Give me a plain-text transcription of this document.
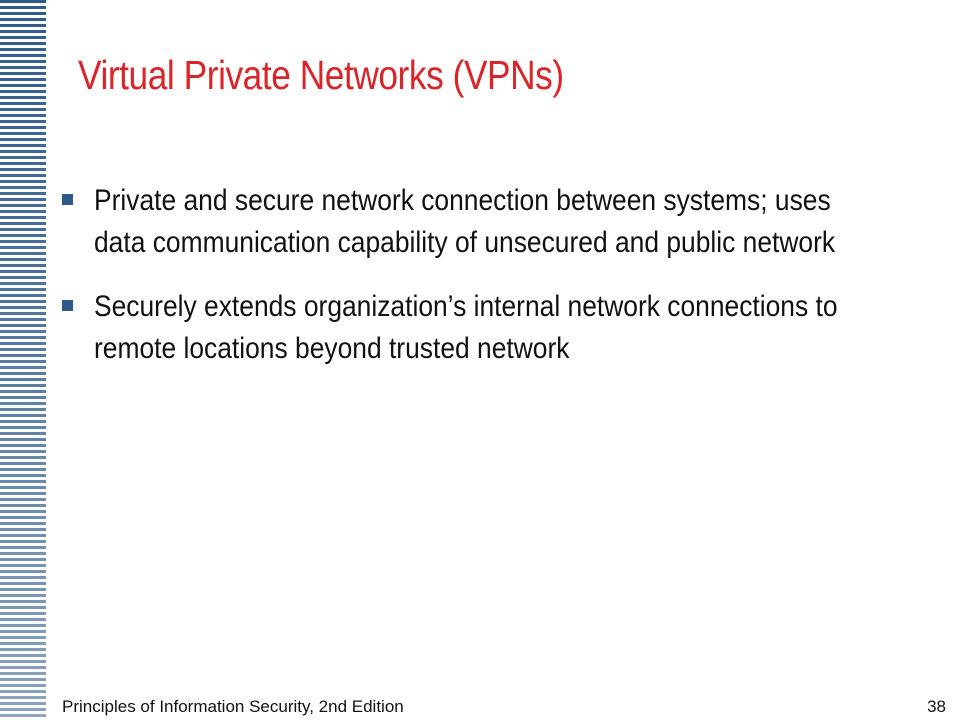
Virtual Private Networks (VPNs)
Private and secure network connection between systems; uses data communication capability of unsecured and public network
Securely extends organization’s internal network connections to remote locations beyond trusted network
Principles of Information Security, 2nd Edition	38
